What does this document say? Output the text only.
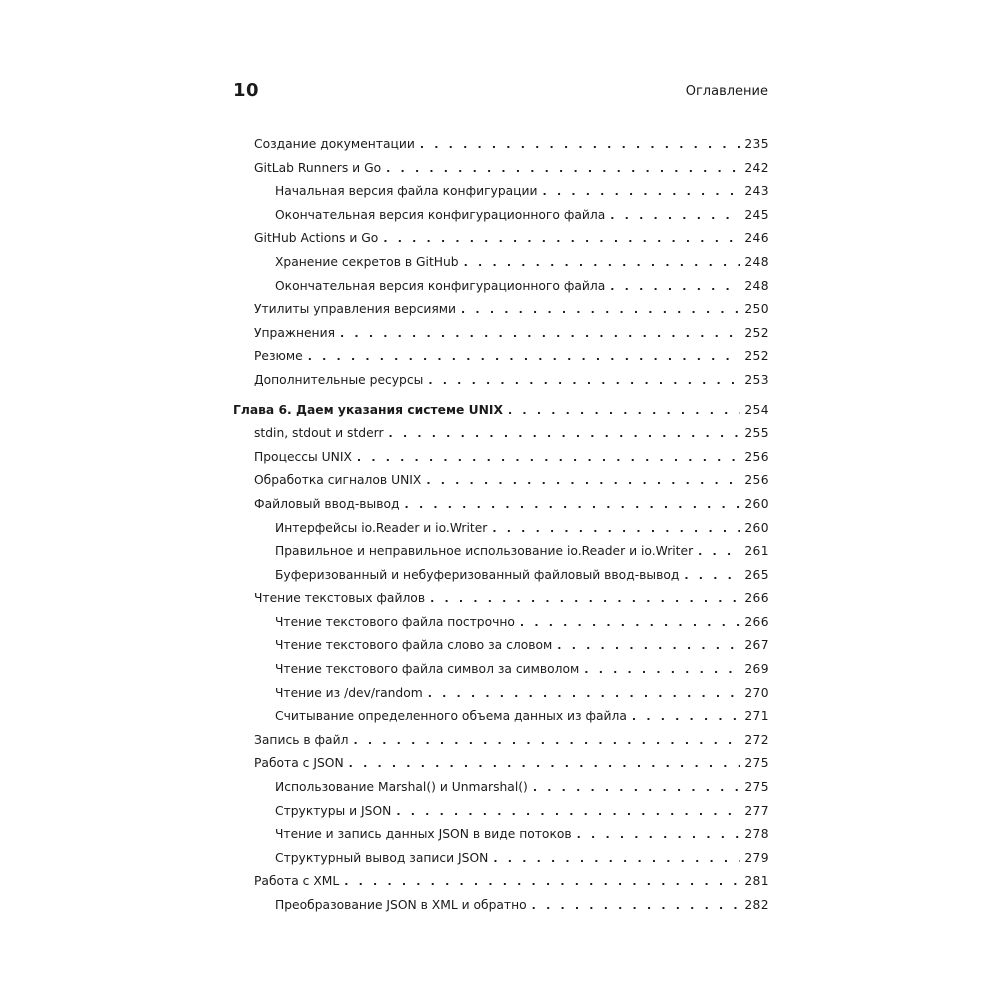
10	Оглавление
Создание документации . . .	235
GitLab Runners и Go . . .	242
Начальная версия файла конфигурации . . .	243
Окончательная версия конфигурационного файла . . .	245
GitHub Actions и Go . . .	246
Хранение секретов в GitHub . . .	248
Окончательная версия конфигурационного файла . . .	248
Утилиты управления версиями . . .	250
Упражнения . . .	252
Резюме . . .	252
Дополнительные ресурсы . . .	253
Глава 6. Даем указания системе UNIX . . .	254
stdin, stdout и stderr . . .	255
Процессы UNIX . . .	256
Обработка сигналов UNIX . . .	256
Файловый ввод-вывод . . .	260
Интерфейсы io.Reader и io.Writer . . .	260
Правильное и неправильное использование io.Reader и io.Writer . . .	261
Буферизованный и небуферизованный файловый ввод-вывод . . .	265
Чтение текстовых файлов . . .	266
Чтение текстового файла построчно . . .	266
Чтение текстового файла слово за словом . . .	267
Чтение текстового файла символ за символом . . .	269
Чтение из /dev/random . . .	270
Считывание определенного объема данных из файла . . .	271
Запись в файл . . .	272
Работа с JSON . . .	275
Использование Marshal() и Unmarshal() . . .	275
Структуры и JSON . . .	277
Чтение и запись данных JSON в виде потоков . . .	278
Структурный вывод записи JSON . . .	279
Работа с XML . . .	281
Преобразование JSON в XML и обратно . . .	282
